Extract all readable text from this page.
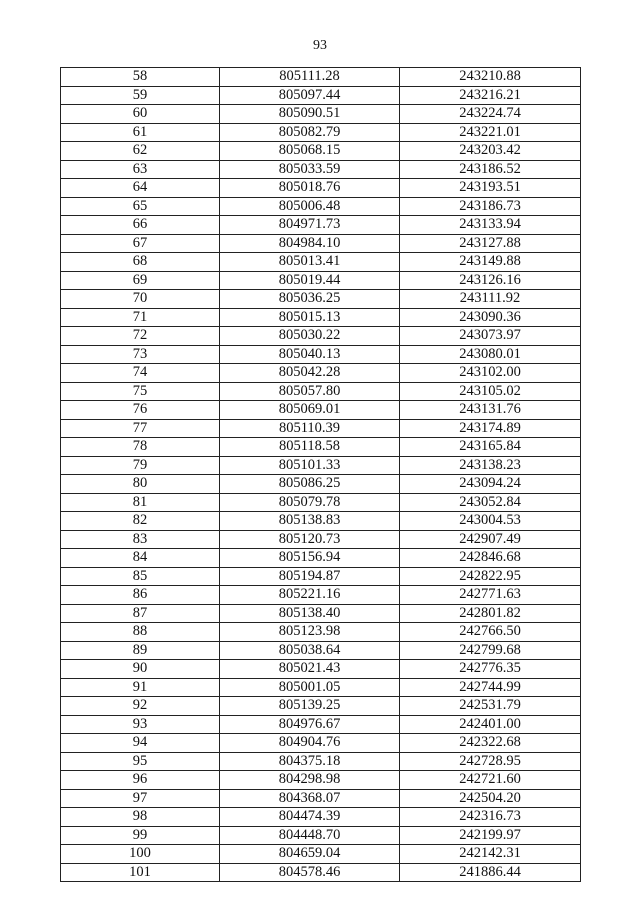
93
58	805111.28	243210.88
59	805097.44	243216.21
60	805090.51	243224.74
61	805082.79	243221.01
62	805068.15	243203.42
63	805033.59	243186.52
64	805018.76	243193.51
65	805006.48	243186.73
66	804971.73	243133.94
67	804984.10	243127.88
68	805013.41	243149.88
69	805019.44	243126.16
70	805036.25	243111.92
71	805015.13	243090.36
72	805030.22	243073.97
73	805040.13	243080.01
74	805042.28	243102.00
75	805057.80	243105.02
76	805069.01	243131.76
77	805110.39	243174.89
78	805118.58	243165.84
79	805101.33	243138.23
80	805086.25	243094.24
81	805079.78	243052.84
82	805138.83	243004.53
83	805120.73	242907.49
84	805156.94	242846.68
85	805194.87	242822.95
86	805221.16	242771.63
87	805138.40	242801.82
88	805123.98	242766.50
89	805038.64	242799.68
90	805021.43	242776.35
91	805001.05	242744.99
92	805139.25	242531.79
93	804976.67	242401.00
94	804904.76	242322.68
95	804375.18	242728.95
96	804298.98	242721.60
97	804368.07	242504.20
98	804474.39	242316.73
99	804448.70	242199.97
100	804659.04	242142.31
101	804578.46	241886.44
